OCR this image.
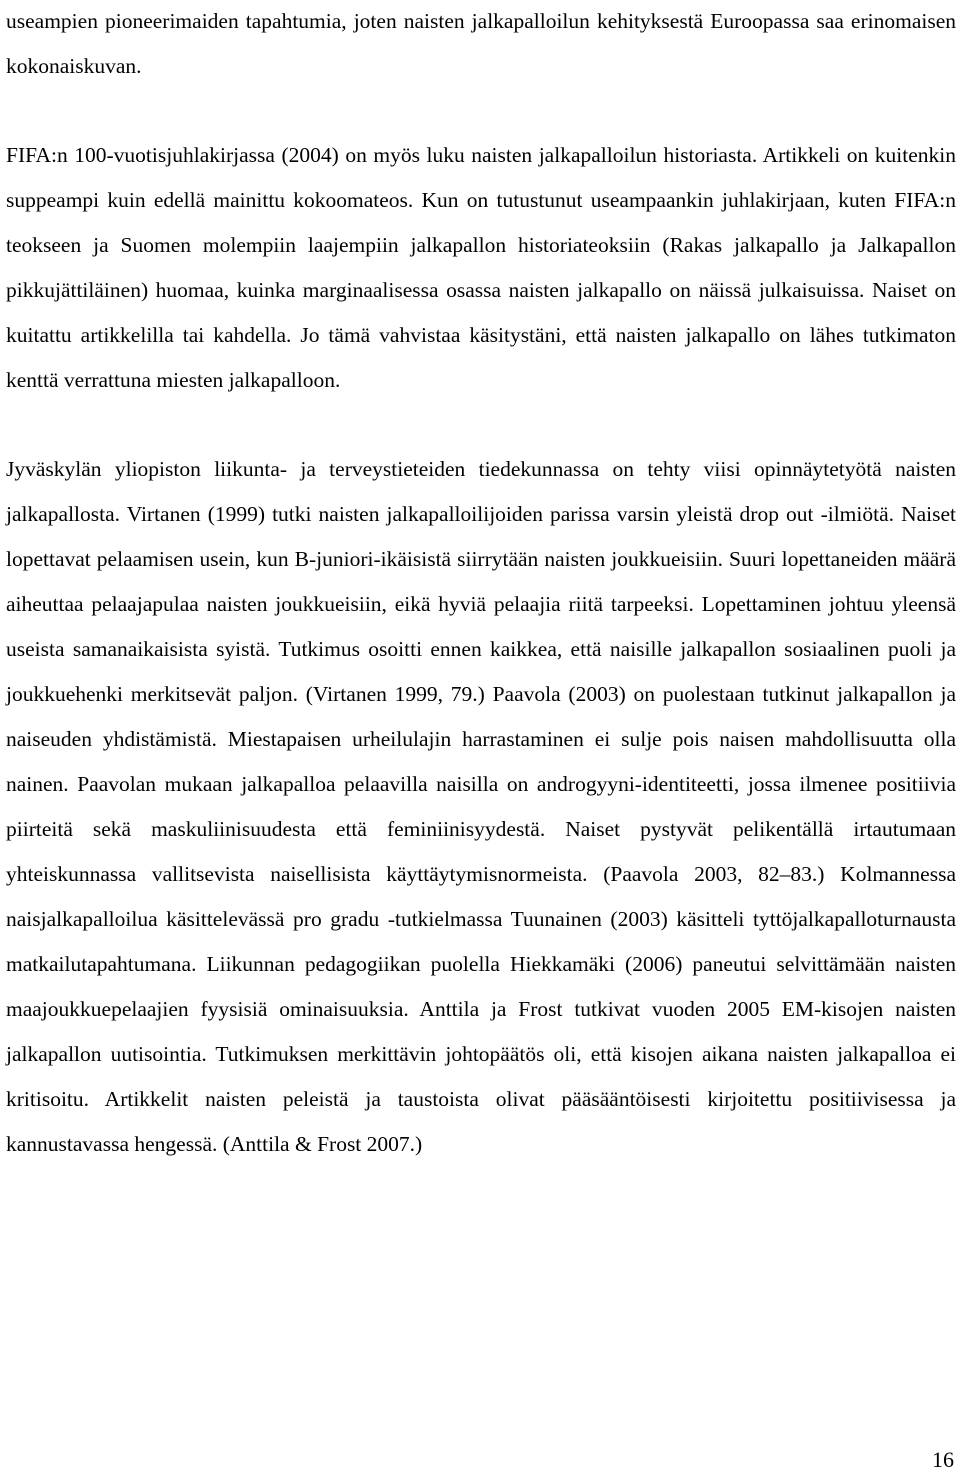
useampien pioneerimaiden tapahtumia, joten naisten jalkapalloilun kehityksestä Euroopassa saa erinomaisen kokonaiskuvan.

FIFA:n 100-vuotisjuhlakirjassa (2004) on myös luku naisten jalkapalloilun historiasta. Artikkeli on kuitenkin suppeampi kuin edellä mainittu kokoomateos. Kun on tutustunut useampaankin juhlakirjaan, kuten FIFA:n teokseen ja Suomen molempiin laajempiin jalkapallon historiateoksiin (Rakas jalkapallo ja Jalkapallon pikkujättiläinen) huomaa, kuinka marginaalisessa osassa naisten jalkapallo on näissä julkaisuissa. Naiset on kuitattu artikkelilla tai kahdella. Jo tämä vahvistaa käsitystäni, että naisten jalkapallo on lähes tutkimaton kenttä verrattuna miesten jalkapalloon.

Jyväskylän yliopiston liikunta- ja terveystieteiden tiedekunnassa on tehty viisi opinnäytetyötä naisten jalkapallosta. Virtanen (1999) tutki naisten jalkapalloilijoiden parissa varsin yleistä drop out -ilmiötä. Naiset lopettavat pelaamisen usein, kun B-juniori-ikäisistä siirrytään naisten joukkueisiin. Suuri lopettaneiden määrä aiheuttaa pelaajapulaa naisten joukkueisiin, eikä hyviä pelaajia riitä tarpeeksi. Lopettaminen johtuu yleensä useista samanaikaisista syistä. Tutkimus osoitti ennen kaikkea, että naisille jalkapallon sosiaalinen puoli ja joukkuehenki merkitsevät paljon. (Virtanen 1999, 79.) Paavola (2003) on puolestaan tutkinut jalkapallon ja naiseuden yhdistämistä. Miestapaisen urheilulajin harrastaminen ei sulje pois naisen mahdollisuutta olla nainen. Paavolan mukaan jalkapalloa pelaavilla naisilla on androgyyni-identiteetti, jossa ilmenee positiivia piirteitä sekä maskuliinisuudesta että feminiinisyydestä. Naiset pystyvät pelikentällä irtautumaan yhteiskunnassa vallitsevista naisellisista käyttäytymisnormeista. (Paavola 2003, 82–83.) Kolmannessa naisjalkapalloilua käsittelevässä pro gradu -tutkielmassa Tuunainen (2003) käsitteli tyttöjalkapalloturnausta matkailutapahtumana. Liikunnan pedagogiikan puolella Hiekkamäki (2006) paneutui selvittämään naisten maajoukkuepelaajien fyysisiä ominaisuuksia. Anttila ja Frost tutkivat vuoden 2005 EM-kisojen naisten jalkapallon uutisointia. Tutkimuksen merkittävin johtopäätös oli, että kisojen aikana naisten jalkapalloa ei kritisoitu. Artikkelit naisten peleistä ja taustoista olivat pääsääntöisesti kirjoitettu positiivisessa ja kannustavassa hengessä. (Anttila & Frost 2007.)

16
